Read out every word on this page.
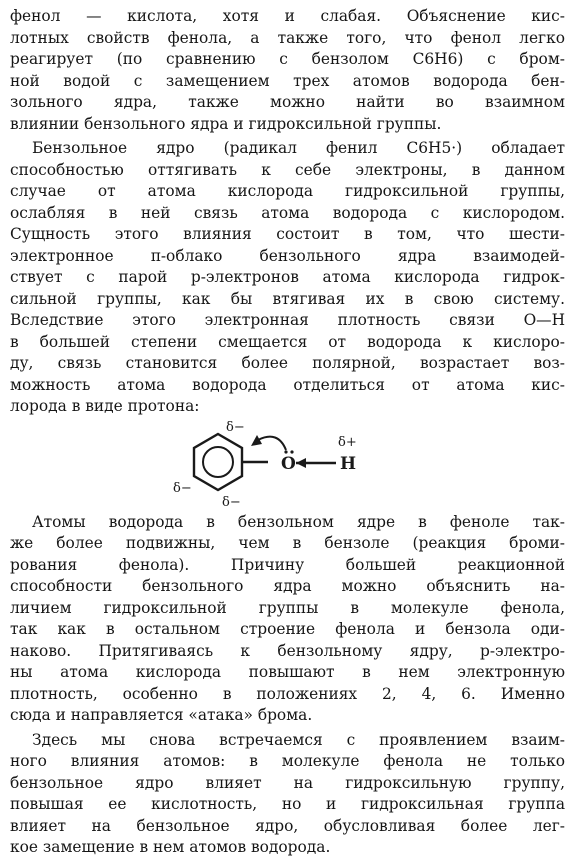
фенол — кислота, хотя и слабая. Объяснение кис-
лотных свойств фенола, а также того, что фенол легко
реагирует (по сравнению с бензолом C6H6) с бром-
ной водой с замещением трех атомов водорода бен-
зольного ядра, также можно найти во взаимном
влиянии бензольного ядра и гидроксильной группы.

Бензольное ядро (радикал фенил C6H5·) обладает
способностью оттягивать к себе электроны, в данном
случае от атома кислорода гидроксильной группы,
ослабляя в ней связь атома водорода с кислородом.
Сущность этого влияния состоит в том, что шести-
электронное π-облако бензольного ядра взаимодей-
ствует с парой p-электронов атома кислорода гидрок-
сильной группы, как бы втягивая их в свою систему.
Вследствие этого электронная плотность связи O—H
в большей степени смещается от водорода к кислоро-
ду, связь становится более полярной, возрастает воз-
можность атома водорода отделиться от атома кис-
лорода в виде протона:

δ−
δ−
δ−
O
δ+
H

Атомы водорода в бензольном ядре в феноле так-
же более подвижны, чем в бензоле (реакция броми-
рования фенола). Причину большей реакционной
способности бензольного ядра можно объяснить на-
личием гидроксильной группы в молекуле фенола,
так как в остальном строение фенола и бензола оди-
наково. Притягиваясь к бензольному ядру, p-электро-
ны атома кислорода повышают в нем электронную
плотность, особенно в положениях 2, 4, 6. Именно
сюда и направляется «атака» брома.

Здесь мы снова встречаемся с проявлением взаим-
ного влияния атомов: в молекуле фенола не только
бензольное ядро влияет на гидроксильную группу,
повышая ее кислотность, но и гидроксильная группа
влияет на бензольное ядро, обусловливая более лег-
кое замещение в нем атомов водорода.
